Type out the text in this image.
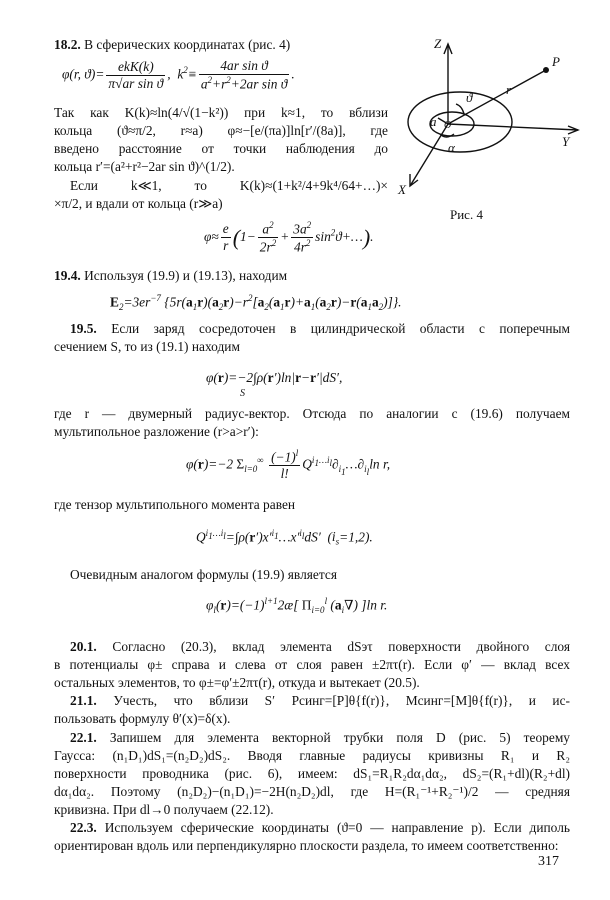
18.2. В сферических координатах (рис. 4)
φ(r, ϑ)=
ekK(k)
π√ar sin ϑ
,  $k^2\equiv \frac{\text{4ar sin ϑ}}{a^2+r^2+2ar \sin ϑ}$ .
Так как K(k)≈ln(4/√(1−k²)) при k≈1, то вблизи
кольца (ϑ≈π/2, r≈a) φ≈−[e/(πa)]ln[r′/(8a)], где
введено расстояние от точки наблюдения до
кольца r′=(a²+r²−2ar sin ϑ)^(1/2).
Если k≪1, то K(k)≈(1+k²/4+9k⁴/64+…)×
×π/2, и вдали от кольца (r≫a)
$\varphi\approx \frac{e}{r} (1- \frac{a^2}{2r^2} + \frac{3a^2}{4r^2}$ $\sin^2ϑ+\dots$).
Z
Y
X
P
r
ϑ
a O
α
Рис. 4
19.4. Используя (19.9) и (19.13), находим
$E_2=3er^{-7}$ $\{5r(a_1r)(a_2r)-r^2[a_2(a_1r)+a_1(a_2r)-r(a_1a_2)]\}$.
19.5. Если заряд сосредоточен в цилиндрической области с поперечным
сечением S, то из (19.1) находим
φ(r)=−2∫ρ(r′)ln|r−r′|dS′,
S
где r — двумерный радиус-вектор. Отсюда по аналогии с (19.6) получаем
мультипольное разложение (r>a>r′):
φ(r)=−2 $\Sigma_{l=0}^\infty \frac{(-1)^l}{l!}$ $Q^{i_1\dots i_l}\partial_{i_1}\dots\partial_{i_l}\ln$ r,
где тензор мультипольного момента равен
$Q^{i_1\dots i_l}=\int\rho(r')x'^{i_1}\dots x'^{i_l}dS'$  $(i_s=1,2)$.
Очевидным аналогом формулы (19.9) является
$\varphi_l(r)=(-1)^{l+1}2æ$[ $\Pi_{i=0}^l$ $(a_i\nabla)$ ]ln r.
20.1. Согласно (20.3), вклад элемента dSэτ поверхности двойного слоя
в потенциалы φ± справа и слева от слоя равен ±2πτ(r). Если φ′ — вклад всех
остальных элементов, то φ±=φ′±2πτ(r), откуда и вытекает (20.5).
21.1. Учесть, что вблизи S′ Pсинг=[P]θ{f(r)}, Mсинг=[M]θ{f(r)}, и ис-
пользовать формулу θ′(x)=δ(x).
22.1. Запишем для элемента векторной трубки поля D (рис. 5) теорему
Гаусса: (n₁D₁)dS₁=(n₂D₂)dS₂. Вводя главные радиусы кривизны R₁ и R₂
поверхности проводника (рис. 6), имеем: dS₁=R₁R₂dα₁dα₂, dS₂=(R₁+dl)(R₂+dl)
dα₁dα₂. Поэтому (n₂D₂)−(n₁D₁)=−2H(n₂D₂)dl, где H=(R₁⁻¹+R₂⁻¹)/2 — средняя
кривизна. При dl→0 получаем (22.12).
22.3. Используем сферические координаты (ϑ=0 — направление p). Если диполь
ориентирован вдоль или перпендикулярно плоскости раздела, то имеем соответственно:
317
